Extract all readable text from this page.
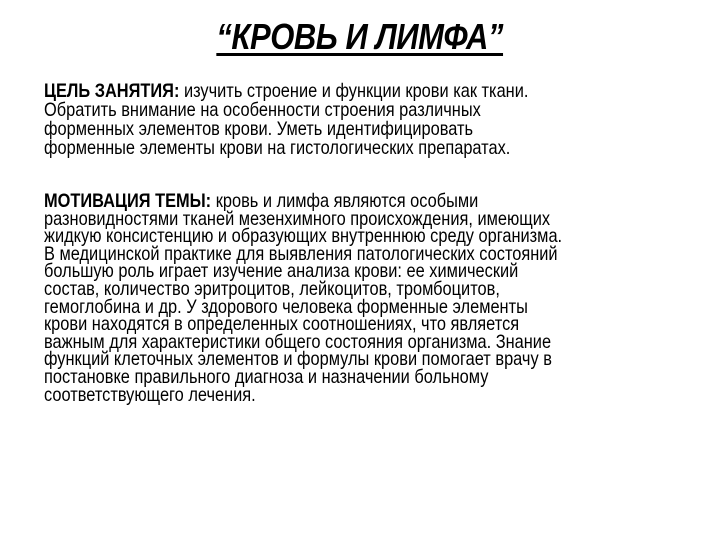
“КРОВЬ И ЛИМФА”
ЦЕЛЬ ЗАНЯТИЯ: изучить строение и функции крови как ткани.
Обратить внимание на особенности строения различных
форменных элементов крови. Уметь идентифицировать
форменные элементы крови на гистологических препаратах.
МОТИВАЦИЯ ТЕМЫ: кровь и лимфа являются особыми
разновидностями тканей мезенхимного происхождения, имеющих
жидкую консистенцию и образующих внутреннюю среду организма.
В медицинской практике для выявления патологических состояний
большую роль играет изучение анализа крови: ее химический
состав, количество эритроцитов, лейкоцитов, тромбоцитов,
гемоглобина и др. У здорового человека форменные элементы
крови находятся в определенных соотношениях, что является
важным для характеристики общего состояния организма. Знание
функций клеточных элементов и формулы крови помогает врачу в
постановке правильного диагноза и назначении больному
соответствующего лечения.
